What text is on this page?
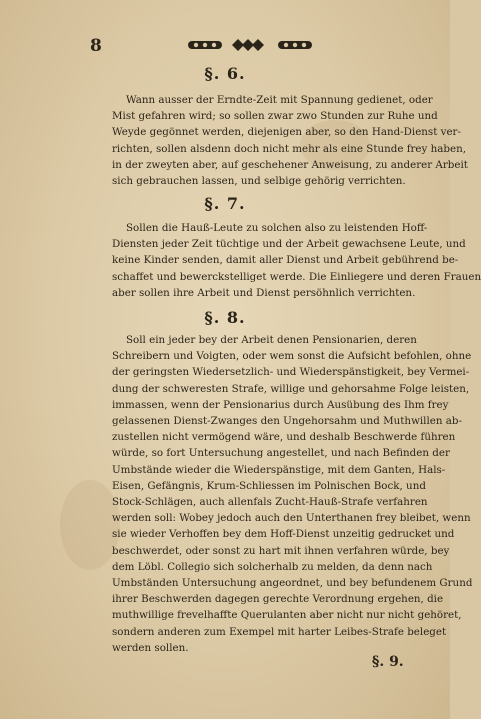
8
§. 6.
Wann ausser der Erndte-Zeit mit Spannung gedienet, oder
Mist gefahren wird; so sollen zwar zwo Stunden zur Ruhe und
Weyde gegönnet werden, diejenigen aber, so den Hand-Dienst ver-
richten, sollen alsdenn doch nicht mehr als eine Stunde frey haben,
in der zweyten aber, auf geschehener Anweisung, zu anderer Arbeit
sich gebrauchen lassen, und selbige gehörig verrichten.
§. 7.
Sollen die Hauß-Leute zu solchen also zu leistenden Hoff-
Diensten jeder Zeit tüchtige und der Arbeit gewachsene Leute, und
keine Kinder senden, damit aller Dienst und Arbeit gebührend be-
schaffet und bewerckstelliget werde. Die Einliegere und deren Frauen
aber sollen ihre Arbeit und Dienst persöhnlich verrichten.
§. 8.
Soll ein jeder bey der Arbeit denen Pensionarien, deren
Schreibern und Voigten, oder wem sonst die Aufsicht befohlen, ohne
der geringsten Wiedersetzlich- und Wiederspänstigkeit, bey Vermei-
dung der schweresten Strafe, willige und gehorsahme Folge leisten,
immassen, wenn der Pensionarius durch Ausübung des Ihm frey
gelassenen Dienst-Zwanges den Ungehorsahm und Muthwillen ab-
zustellen nicht vermögend wäre, und deshalb Beschwerde führen
würde, so fort Untersuchung angestellet, und nach Befinden der
Umbstände wieder die Wiederspänstige, mit dem Ganten, Hals-
Eisen, Gefängnis, Krum-Schliessen im Polnischen Bock, und
Stock-Schlägen, auch allenfals Zucht-Hauß-Strafe verfahren
werden soll: Wobey jedoch auch den Unterthanen frey bleibet, wenn
sie wieder Verhoffen bey dem Hoff-Dienst unzeitig gedrucket und
beschwerdet, oder sonst zu hart mit ihnen verfahren würde, bey
dem Löbl. Collegio sich solcherhalb zu melden, da denn nach
Umbständen Untersuchung angeordnet, und bey befundenem Grund
ihrer Beschwerden dagegen gerechte Verordnung ergehen, die
muthwillige frevelhaffte Querulanten aber nicht nur nicht gehöret,
sondern anderen zum Exempel mit harter Leibes-Strafe beleget
werden sollen.
§. 9.
